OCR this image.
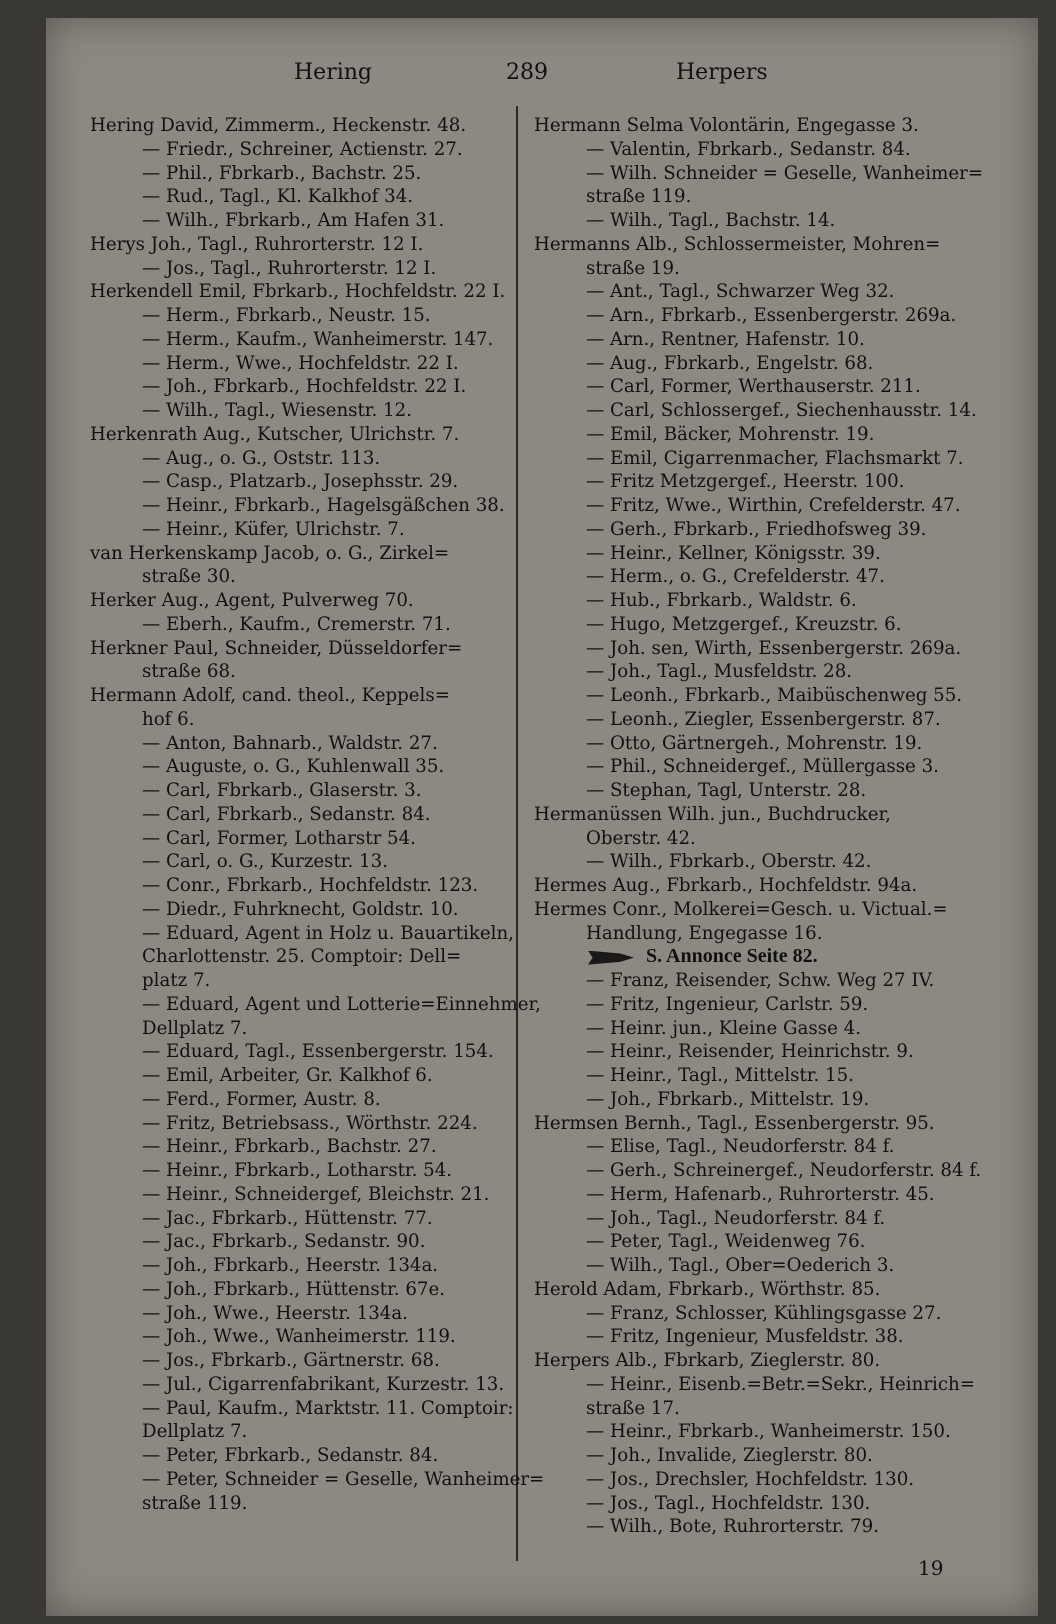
Hering	289	Herpers
Hering David, Zimmerm., Heckenstr. 48.
— Friedr., Schreiner, Actienstr. 27.
— Phil., Fbrkarb., Bachstr. 25.
— Rud., Tagl., Kl. Kalkhof 34.
— Wilh., Fbrkarb., Am Hafen 31.
Herys Joh., Tagl., Ruhrorterstr. 12 I.
— Jos., Tagl., Ruhrorterstr. 12 I.
Herkendell Emil, Fbrkarb., Hochfeldstr. 22 I.
— Herm., Fbrkarb., Neustr. 15.
— Herm., Kaufm., Wanheimerstr. 147.
— Herm., Wwe., Hochfeldstr. 22 I.
— Joh., Fbrkarb., Hochfeldstr. 22 I.
— Wilh., Tagl., Wiesenstr. 12.
Herkenrath Aug., Kutscher, Ulrichstr. 7.
— Aug., o. G., Oststr. 113.
— Casp., Platzarb., Josephsstr. 29.
— Heinr., Fbrkarb., Hagelsgäßchen 38.
— Heinr., Küfer, Ulrichstr. 7.
van Herkenskamp Jacob, o. G., Zirkel=
straße 30.
Herker Aug., Agent, Pulverweg 70.
— Eberh., Kaufm., Cremerstr. 71.
Herkner Paul, Schneider, Düsseldorfer=
straße 68.
Hermann Adolf, cand. theol., Keppels=
hof 6.
— Anton, Bahnarb., Waldstr. 27.
— Auguste, o. G., Kuhlenwall 35.
— Carl, Fbrkarb., Glaserstr. 3.
— Carl, Fbrkarb., Sedanstr. 84.
— Carl, Former, Lotharstr 54.
— Carl, o. G., Kurzestr. 13.
— Conr., Fbrkarb., Hochfeldstr. 123.
— Diedr., Fuhrknecht, Goldstr. 10.
— Eduard, Agent in Holz u. Bauartikeln,
Charlottenstr. 25. Comptoir: Dell=
platz 7.
— Eduard, Agent und Lotterie=Einnehmer,
Dellplatz 7.
— Eduard, Tagl., Essenbergerstr. 154.
— Emil, Arbeiter, Gr. Kalkhof 6.
— Ferd., Former, Austr. 8.
— Fritz, Betriebsass., Wörthstr. 224.
— Heinr., Fbrkarb., Bachstr. 27.
— Heinr., Fbrkarb., Lotharstr. 54.
— Heinr., Schneidergef, Bleichstr. 21.
— Jac., Fbrkarb., Hüttenstr. 77.
— Jac., Fbrkarb., Sedanstr. 90.
— Joh., Fbrkarb., Heerstr. 134a.
— Joh., Fbrkarb., Hüttenstr. 67e.
— Joh., Wwe., Heerstr. 134a.
— Joh., Wwe., Wanheimerstr. 119.
— Jos., Fbrkarb., Gärtnerstr. 68.
— Jul., Cigarrenfabrikant, Kurzestr. 13.
— Paul, Kaufm., Marktstr. 11. Comptoir:
Dellplatz 7.
— Peter, Fbrkarb., Sedanstr. 84.
— Peter, Schneider = Geselle, Wanheimer=
straße 119.
Hermann Selma Volontärin, Engegasse 3.
— Valentin, Fbrkarb., Sedanstr. 84.
— Wilh. Schneider = Geselle, Wanheimer=
straße 119.
— Wilh., Tagl., Bachstr. 14.
Hermanns Alb., Schlossermeister, Mohren=
straße 19.
— Ant., Tagl., Schwarzer Weg 32.
— Arn., Fbrkarb., Essenbergerstr. 269a.
— Arn., Rentner, Hafenstr. 10.
— Aug., Fbrkarb., Engelstr. 68.
— Carl, Former, Werthauserstr. 211.
— Carl, Schlossergef., Siechenhausstr. 14.
— Emil, Bäcker, Mohrenstr. 19.
— Emil, Cigarrenmacher, Flachsmarkt 7.
— Fritz Metzgergef., Heerstr. 100.
— Fritz, Wwe., Wirthin, Crefelderstr. 47.
— Gerh., Fbrkarb., Friedhofsweg 39.
— Heinr., Kellner, Königsstr. 39.
— Herm., o. G., Crefelderstr. 47.
— Hub., Fbrkarb., Waldstr. 6.
— Hugo, Metzgergef., Kreuzstr. 6.
— Joh. sen, Wirth, Essenbergerstr. 269a.
— Joh., Tagl., Musfeldstr. 28.
— Leonh., Fbrkarb., Maibüschenweg 55.
— Leonh., Ziegler, Essenbergerstr. 87.
— Otto, Gärtnergeh., Mohrenstr. 19.
— Phil., Schneidergef., Müllergasse 3.
— Stephan, Tagl, Unterstr. 28.
Hermanüssen Wilh. jun., Buchdrucker,
Oberstr. 42.
— Wilh., Fbrkarb., Oberstr. 42.
Hermes Aug., Fbrkarb., Hochfeldstr. 94a.
Hermes Conr., Molkerei=Gesch. u. Victual.=
Handlung, Engegasse 16.
S. Annonce Seite 82.
— Franz, Reisender, Schw. Weg 27 IV.
— Fritz, Ingenieur, Carlstr. 59.
— Heinr. jun., Kleine Gasse 4.
— Heinr., Reisender, Heinrichstr. 9.
— Heinr., Tagl., Mittelstr. 15.
— Joh., Fbrkarb., Mittelstr. 19.
Hermsen Bernh., Tagl., Essenbergerstr. 95.
— Elise, Tagl., Neudorferstr. 84 f.
— Gerh., Schreinergef., Neudorferstr. 84 f.
— Herm, Hafenarb., Ruhrorterstr. 45.
— Joh., Tagl., Neudorferstr. 84 f.
— Peter, Tagl., Weidenweg 76.
— Wilh., Tagl., Ober=Oederich 3.
Herold Adam, Fbrkarb., Wörthstr. 85.
— Franz, Schlosser, Kühlingsgasse 27.
— Fritz, Ingenieur, Musfeldstr. 38.
Herpers Alb., Fbrkarb, Zieglerstr. 80.
— Heinr., Eisenb.=Betr.=Sekr., Heinrich=
straße 17.
— Heinr., Fbrkarb., Wanheimerstr. 150.
— Joh., Invalide, Zieglerstr. 80.
— Jos., Drechsler, Hochfeldstr. 130.
— Jos., Tagl., Hochfeldstr. 130.
— Wilh., Bote, Ruhrorterstr. 79.
19
